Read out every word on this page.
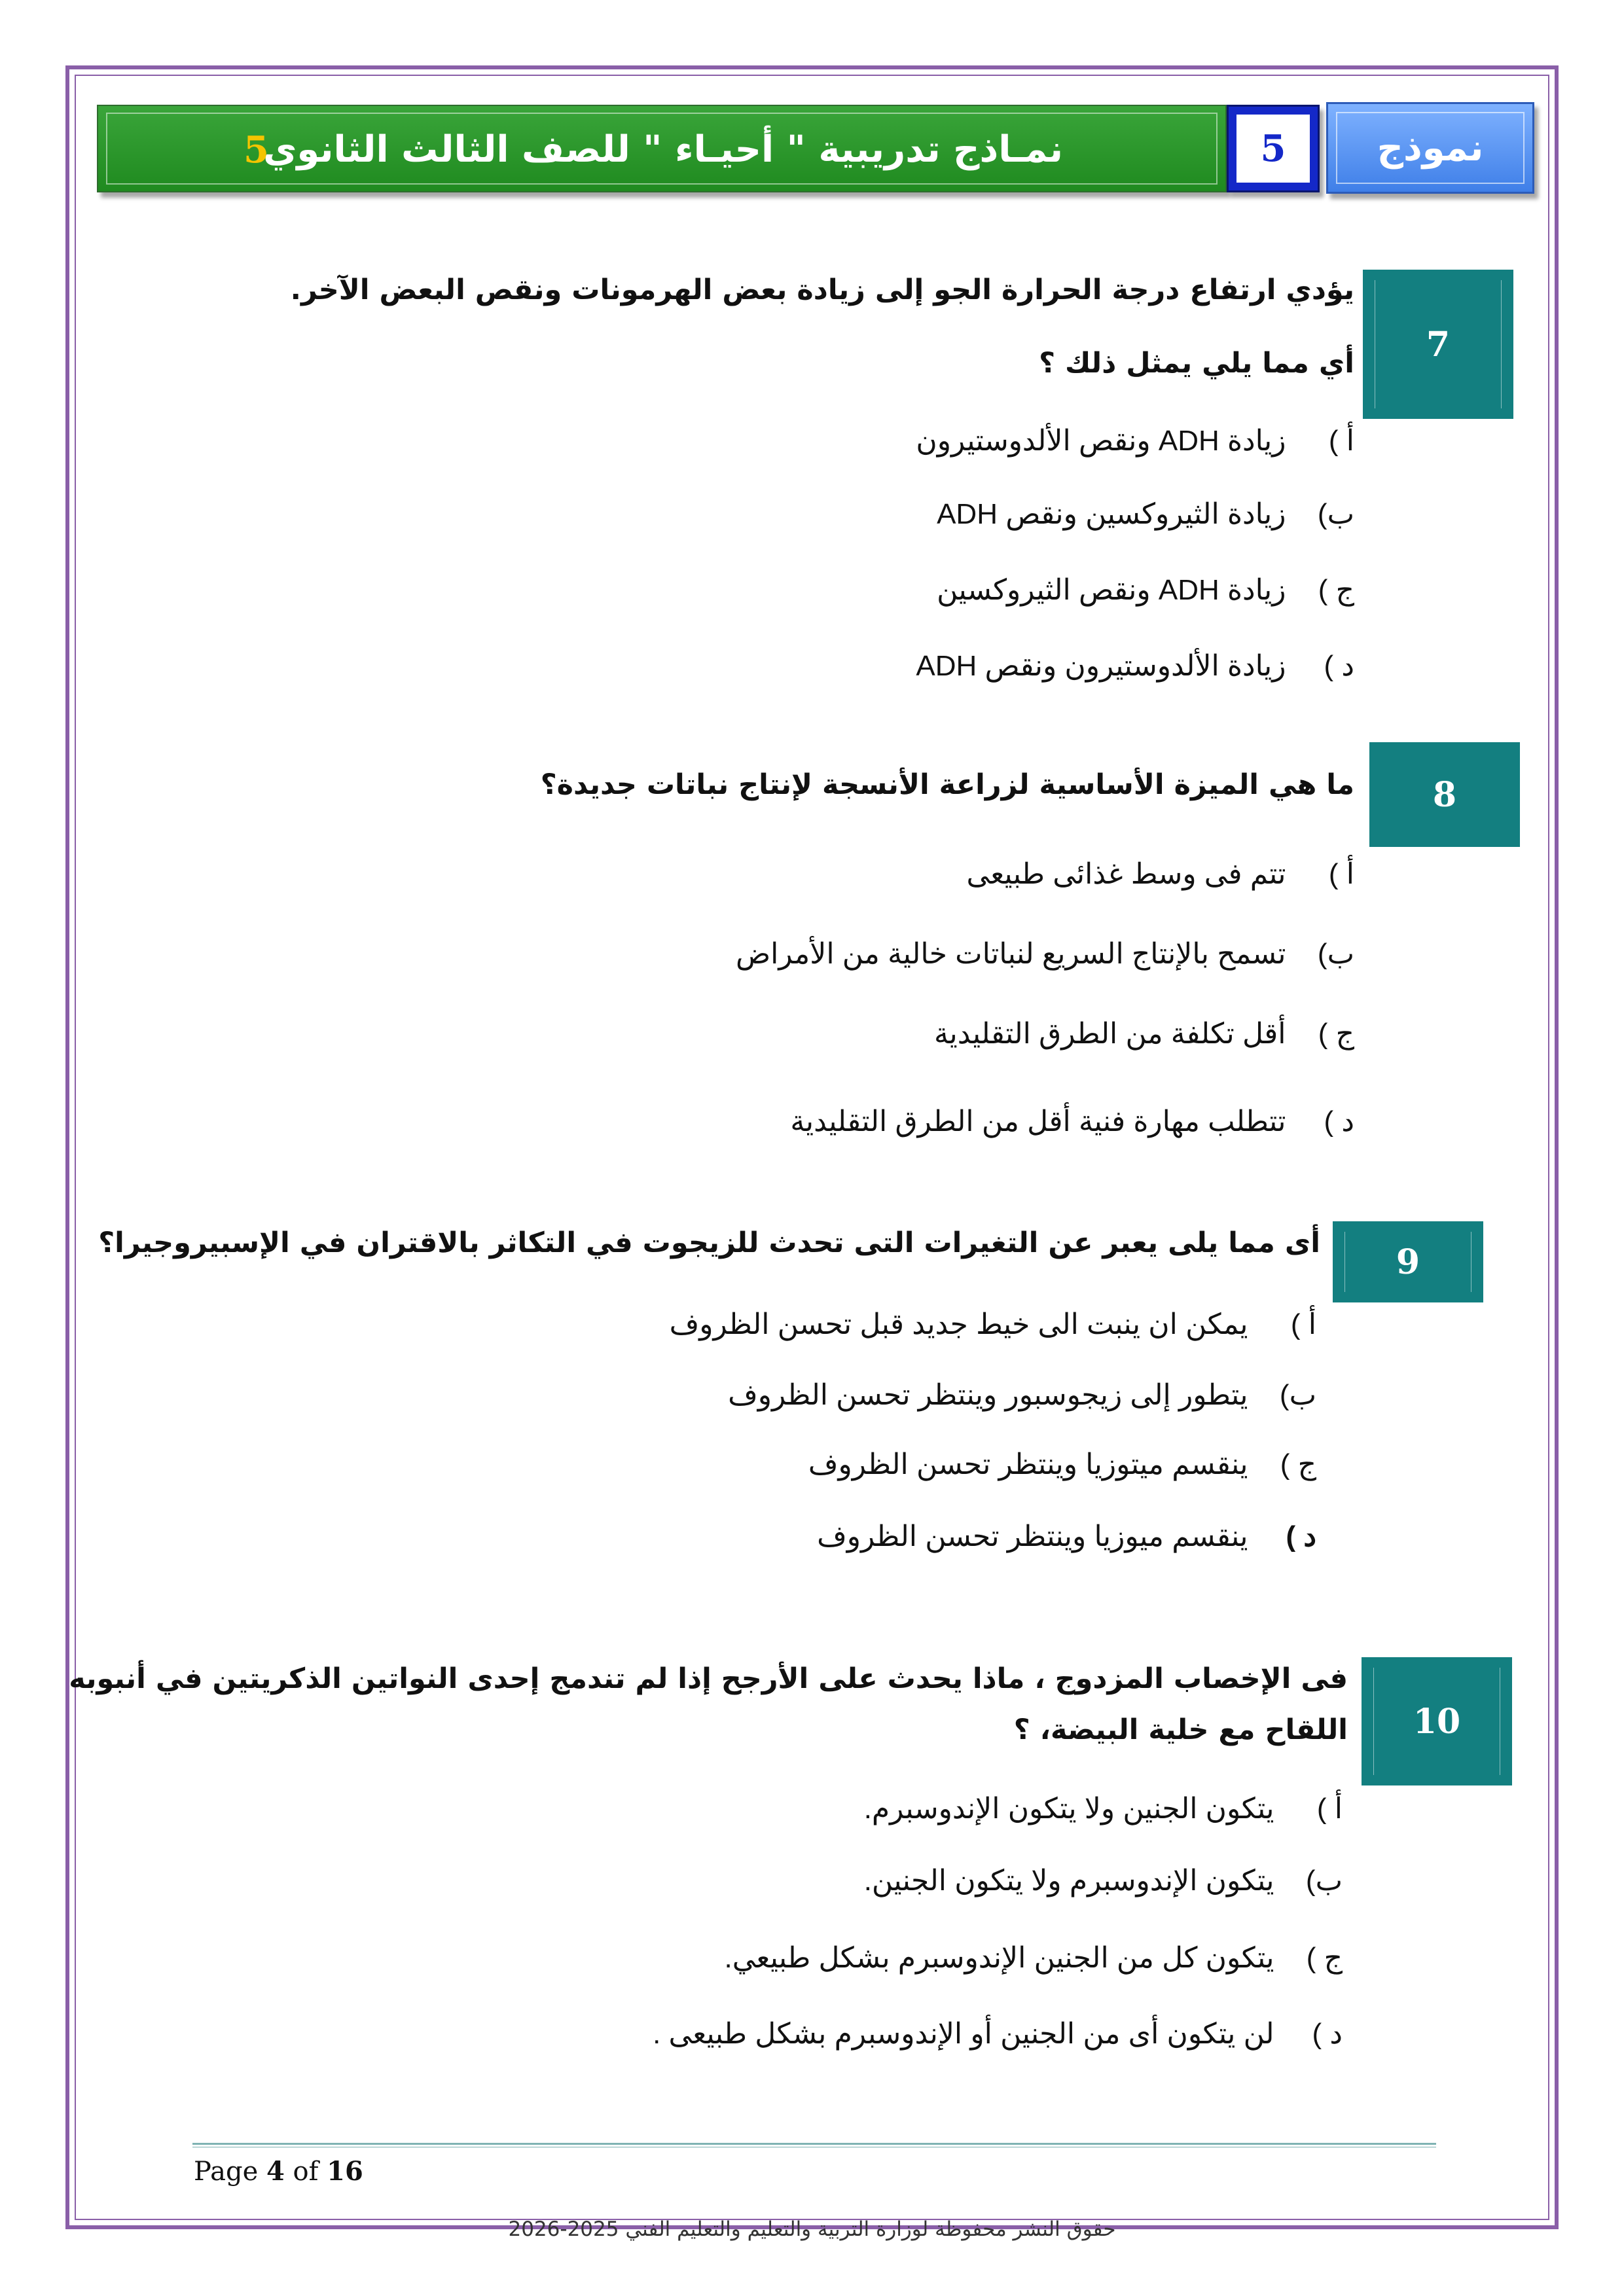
نمـاذج تدريبية " أحيـاء " للصف الثالث الثانوي
5	5	نموذج
7
يؤدي ارتفاع درجة الحرارة الجو إلى زيادة بعض الهرمونات ونقص البعض الآخر.
أي مما يلي يمثل ذلك ؟
أ )  زيادة ADH ونقص الألدوستيرون
ب)  زيادة الثيروكسين ونقص ADH
ج )  زيادة ADH ونقص الثيروكسين
د )  زيادة الألدوستيرون ونقص ADH
8
ما هي الميزة الأساسية لزراعة الأنسجة لإنتاج نباتات جديدة؟
أ )  تتم فى وسط غذائى طبيعى
ب)  تسمح بالإنتاج السريع لنباتات خالية من الأمراض
ج )  أقل تكلفة من الطرق التقليدية
د )  تتطلب مهارة فنية أقل من الطرق التقليدية
9
أى مما يلى يعبر عن التغيرات التى تحدث للزيجوت في التكاثر بالاقتران في الإسبيروجيرا؟
أ )  يمكن ان ينبت الى خيط جديد قبل تحسن الظروف
ب)  يتطور إلى زيجوسبور وينتظر تحسن الظروف
ج )  ينقسم ميتوزيا وينتظر تحسن الظروف
د )  ينقسم ميوزيا وينتظر تحسن الظروف
10
فى الإخصاب المزدوج ، ماذا يحدث على الأرجح إذا لم تندمج إحدى النواتين الذكريتين في أنبوبه
اللقاح مع خلية البيضة، ؟
أ )  يتكون الجنين ولا يتكون الإندوسبرم.
ب)  يتكون الإندوسبرم ولا يتكون الجنين.
ج )  يتكون كل من الجنين الإندوسبرم بشكل طبيعي.
د )  لن يتكون أى من الجنين أو الإندوسبرم بشكل طبيعى .
Page 4 of 16
حقوق النشر محفوظة لوزارة التربية والتعليم والتعليم الفني 2025-2026
